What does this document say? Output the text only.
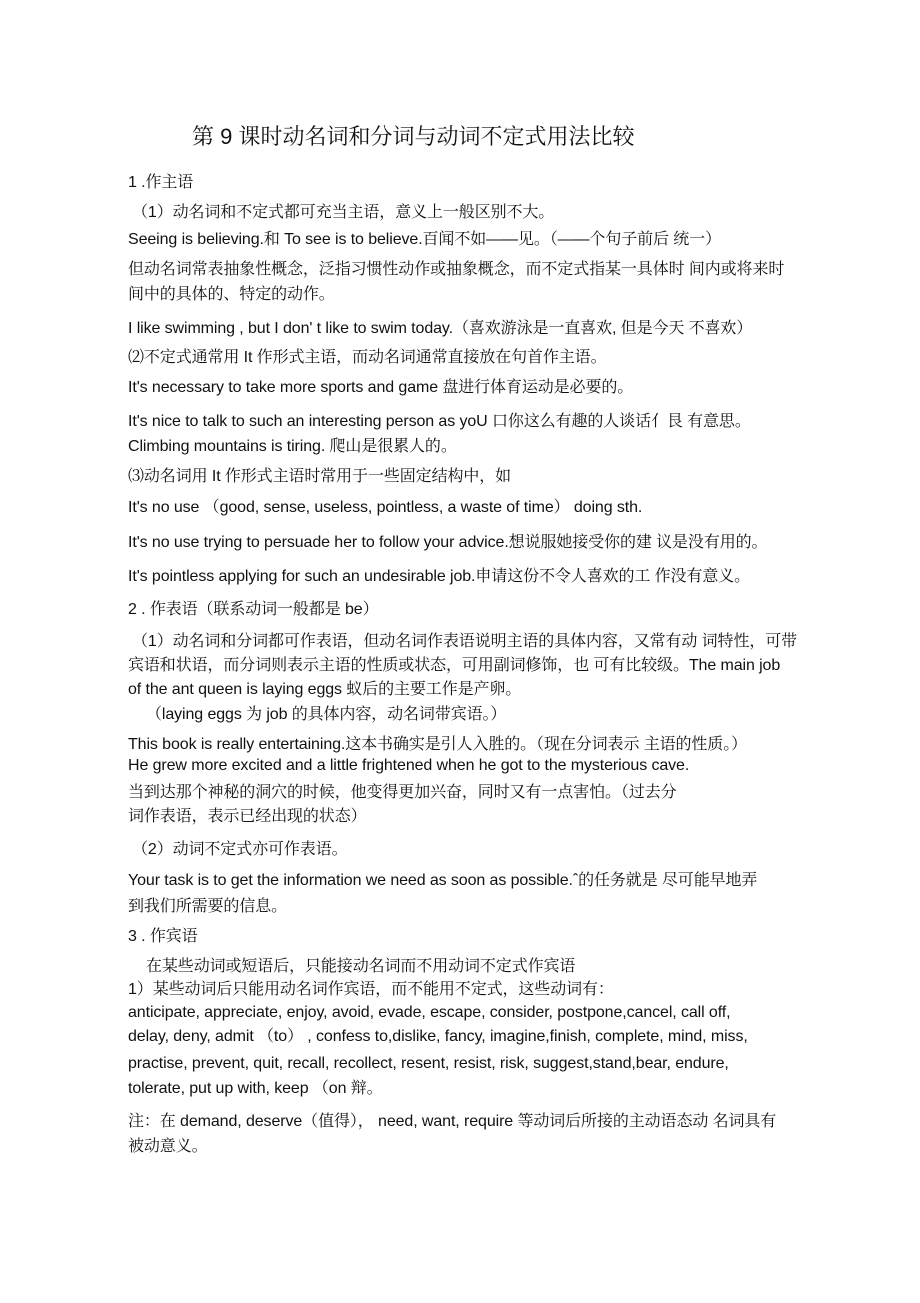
第 9 课时动名词和分词与动词不定式用法比较
1 .作主语
（1）动名词和不定式都可充当主语，意义上一般区别不大。
Seeing is believing.和 To see is to believe.百闻不如——见。（——个句子前后 统一）
但动名词常表抽象性概念，泛指习惯性动作或抽象概念，而不定式指某一具体时 间内或将来时
间中的具体的、特定的动作。
I like swimming , but I don' t like to swim today.（喜欢游泳是一直喜欢, 但是今天 不喜欢）
⑵不定式通常用 It 作形式主语，而动名词通常直接放在句首作主语。
It's necessary to take more sports and game 盘进行体育运动是必要的。
It's nice to talk to such an interesting person as yoU 口你这么有趣的人谈话亻艮 有意思。
Climbing mountains is tiring. 爬山是很累人的。
⑶动名词用 It 作形式主语时常用于一些固定结构中，如
It's no use （good, sense, useless, pointless, a waste of time） doing sth.
It's no use trying to persuade her to follow your advice.想说服她接受你的建 议是没有用的。
It's pointless applying for such an undesirable job.申请这份不令人喜欢的工 作没有意义。
2 . 作表语（联系动词一般都是 be）
（1）动名词和分词都可作表语，但动名词作表语说明主语的具体内容，又常有动 词特性，可带
宾语和状语，而分词则表示主语的性质或状态，可用副词修饰，也 可有比较级。The main job
of the ant queen is laying eggs 蚁后的主要工作是产卵。
（laying eggs 为 job 的具体内容，动名词带宾语。）
This book is really entertaining.这本书确实是引人入胜的。（现在分词表示 主语的性质。）
He grew more excited and a little frightened when he got to the mysterious cave.
当到达那个神秘的洞穴的时候，他变得更加兴奋，同时又有一点害怕。（过去分
词作表语，表示已经出现的状态）
（2）动词不定式亦可作表语。
Your task is to get the information we need as soon as possible.ˆ的任务就是 尽可能早地弄
到我们所需要的信息。
3 . 作宾语
在某些动词或短语后，只能接动名词而不用动词不定式作宾语
1）某些动词后只能用动名词作宾语，而不能用不定式，这些动词有：
anticipate, appreciate, enjoy, avoid, evade, escape, consider, postpone,cancel, call off,
delay, deny, admit （to） , confess to,dislike, fancy, imagine,finish, complete, mind, miss,
practise, prevent, quit, recall, recollect, resent, resist, risk, suggest,stand,bear, endure,
tolerate, put up with, keep （on 辩。
注：在 demand, deserve（值得）， need, want, require 等动词后所接的主动语态动 名词具有
被动意义。
